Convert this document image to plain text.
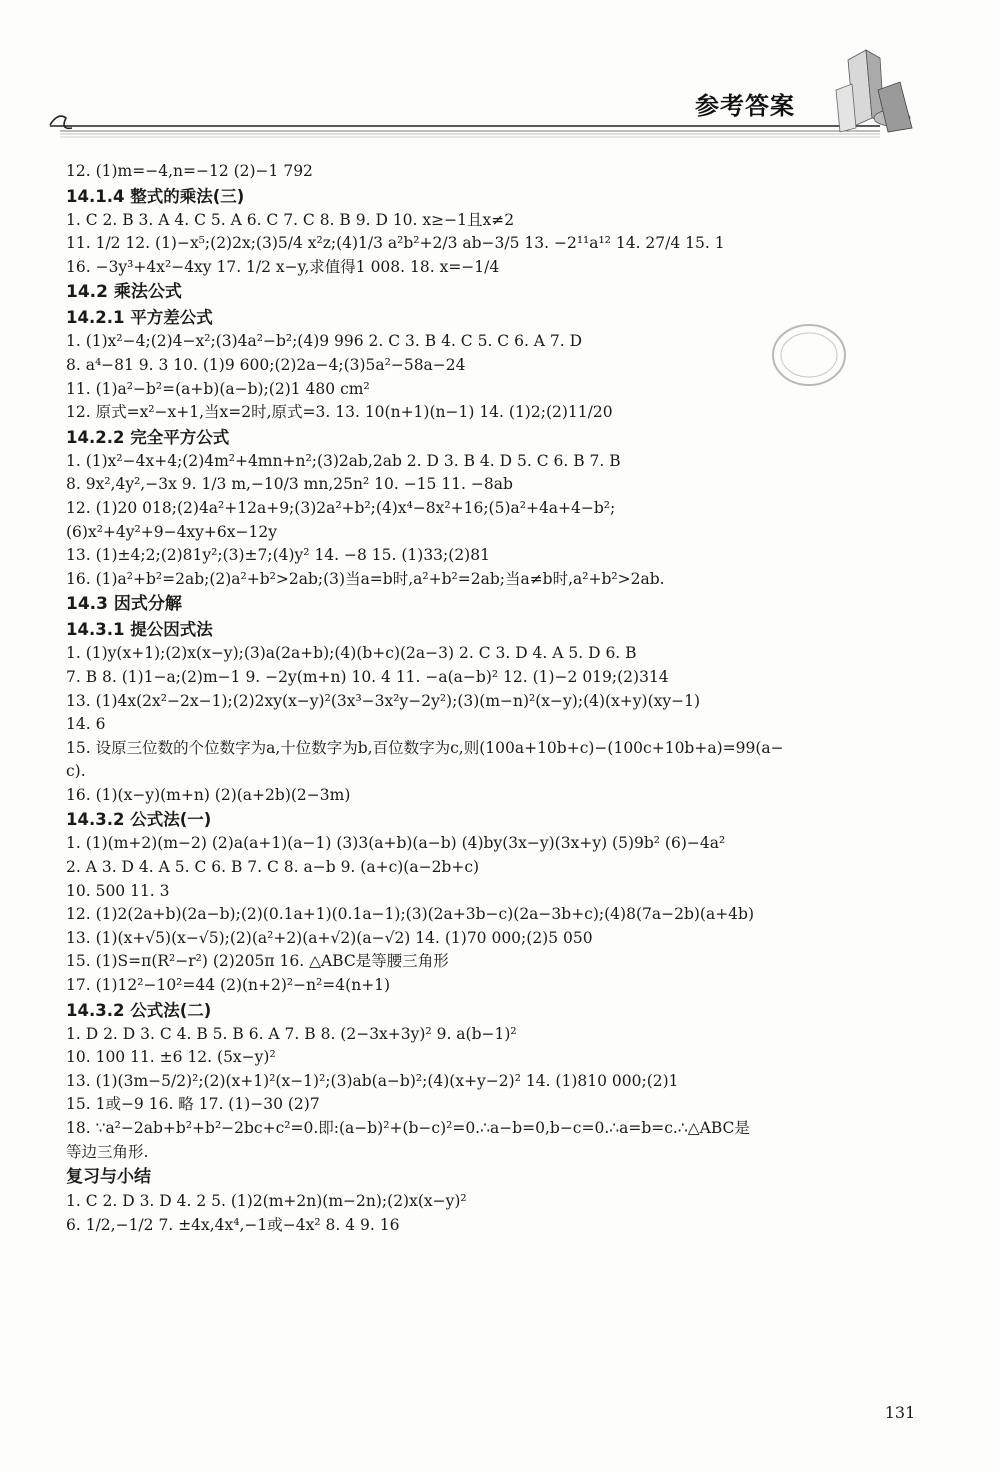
参考答案
12. (1)m=−4,n=−12 (2)−1 792
14.1.4 整式的乘法(三)
1. C 2. B 3. A 4. C 5. A 6. C 7. C 8. B 9. D 10. x≥−1且x≠2
11. 1/2 12. (1)−x⁵;(2)2x;(3)5/4 x²z;(4)1/3 a²b²+2/3 ab−3/5 13. −2¹¹a¹² 14. 27/4 15. 1
16. −3y³+4x²−4xy 17. 1/2 x−y,求值得1 008. 18. x=−1/4
14.2 乘法公式
14.2.1 平方差公式
1. (1)x²−4;(2)4−x²;(3)4a²−b²;(4)9 996 2. C 3. B 4. C 5. C 6. A 7. D
8. a⁴−81 9. 3 10. (1)9 600;(2)2a−4;(3)5a²−58a−24
11. (1)a²−b²=(a+b)(a−b);(2)1 480 cm²
12. 原式=x²−x+1,当x=2时,原式=3. 13. 10(n+1)(n−1) 14. (1)2;(2)11/20
14.2.2 完全平方公式
1. (1)x²−4x+4;(2)4m²+4mn+n²;(3)2ab,2ab 2. D 3. B 4. D 5. C 6. B 7. B
8. 9x²,4y²,−3x 9. 1/3 m,−10/3 mn,25n² 10. −15 11. −8ab
12. (1)20 018;(2)4a²+12a+9;(3)2a²+b²;(4)x⁴−8x²+16;(5)a²+4a+4−b²;
(6)x²+4y²+9−4xy+6x−12y
13. (1)±4;2;(2)81y²;(3)±7;(4)y² 14. −8 15. (1)33;(2)81
16. (1)a²+b²=2ab;(2)a²+b²>2ab;(3)当a=b时,a²+b²=2ab;当a≠b时,a²+b²>2ab.
14.3 因式分解
14.3.1 提公因式法
1. (1)y(x+1);(2)x(x−y);(3)a(2a+b);(4)(b+c)(2a−3) 2. C 3. D 4. A 5. D 6. B
7. B 8. (1)1−a;(2)m−1 9. −2y(m+n) 10. 4 11. −a(a−b)² 12. (1)−2 019;(2)314
13. (1)4x(2x²−2x−1);(2)2xy(x−y)²(3x³−3x²y−2y²);(3)(m−n)²(x−y);(4)(x+y)(xy−1)
14. 6
15. 设原三位数的个位数字为a,十位数字为b,百位数字为c,则(100a+10b+c)−(100c+10b+a)=99(a−
c).
16. (1)(x−y)(m+n) (2)(a+2b)(2−3m)
14.3.2 公式法(一)
1. (1)(m+2)(m−2) (2)a(a+1)(a−1) (3)3(a+b)(a−b) (4)by(3x−y)(3x+y) (5)9b² (6)−4a²
2. A 3. D 4. A 5. C 6. B 7. C 8. a−b 9. (a+c)(a−2b+c)
10. 500 11. 3
12. (1)2(2a+b)(2a−b);(2)(0.1a+1)(0.1a−1);(3)(2a+3b−c)(2a−3b+c);(4)8(7a−2b)(a+4b)
13. (1)(x+√5)(x−√5);(2)(a²+2)(a+√2)(a−√2) 14. (1)70 000;(2)5 050
15. (1)S=π(R²−r²) (2)205π 16. △ABC是等腰三角形
17. (1)12²−10²=44 (2)(n+2)²−n²=4(n+1)
14.3.2 公式法(二)
1. D 2. D 3. C 4. B 5. B 6. A 7. B 8. (2−3x+3y)² 9. a(b−1)²
10. 100 11. ±6 12. (5x−y)²
13. (1)(3m−5/2)²;(2)(x+1)²(x−1)²;(3)ab(a−b)²;(4)(x+y−2)² 14. (1)810 000;(2)1
15. 1或−9 16. 略 17. (1)−30 (2)7
18. ∵a²−2ab+b²+b²−2bc+c²=0.即:(a−b)²+(b−c)²=0.∴a−b=0,b−c=0.∴a=b=c.∴△ABC是
等边三角形.
复习与小结
1. C 2. D 3. D 4. 2 5. (1)2(m+2n)(m−2n);(2)x(x−y)²
6. 1/2,−1/2 7. ±4x,4x⁴,−1或−4x² 8. 4 9. 16
131
